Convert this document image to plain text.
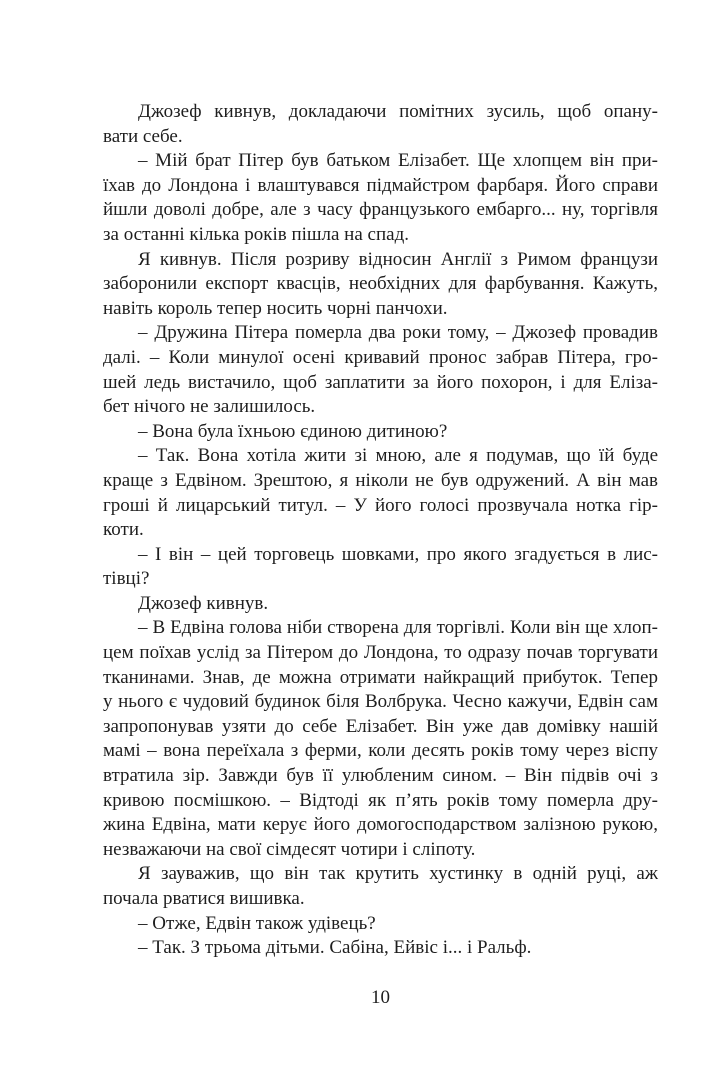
Джозеф кивнув, докладаючи помітних зусиль, щоб опану-
вати себе.
– Мій брат Пітер був батьком Елізабет. Ще хлопцем він при-
їхав до Лондона і влаштувався підмайстром фарбаря. Його справи
йшли доволі добре, але з часу французького ембарго... ну, торгівля
за останні кілька років пішла на спад.
Я кивнув. Після розриву відносин Англії з Римом французи
заборонили експорт квасців, необхідних для фарбування. Кажуть,
навіть король тепер носить чорні панчохи.
– Дружина Пітера померла два роки тому, – Джозеф провадив
далі. – Коли минулої осені кривавий пронос забрав Пітера, гро-
шей ледь вистачило, щоб заплатити за його похорон, і для Еліза-
бет нічого не залишилось.
– Вона була їхньою єдиною дитиною?
– Так. Вона хотіла жити зі мною, але я подумав, що їй буде
краще з Едвіном. Зрештою, я ніколи не був одружений. А він мав
гроші й лицарський титул. – У його голосі прозвучала нотка гір-
коти.
– І він – цей торговець шовками, про якого згадується в лис-
тівці?
Джозеф кивнув.
– В Едвіна голова ніби створена для торгівлі. Коли він ще хлоп-
цем поїхав услід за Пітером до Лондона, то одразу почав торгувати
тканинами. Знав, де можна отримати найкращий прибуток. Тепер
у нього є чудовий будинок біля Волбрука. Чесно кажучи, Едвін сам
запропонував узяти до себе Елізабет. Він уже дав домівку нашій
мамі – вона переїхала з ферми, коли десять років тому через віспу
втратила зір. Завжди був її улюбленим сином. – Він підвів очі з
кривою посмішкою. – Відтоді як п’ять років тому померла дру-
жина Едвіна, мати керує його домогосподарством залізною рукою,
незважаючи на свої сімдесят чотири і сліпоту.
Я зауважив, що він так крутить хустинку в одній руці, аж
почала рватися вишивка.
– Отже, Едвін також удівець?
– Так. З трьома дітьми. Сабіна, Ейвіс і... і Ральф.
10
